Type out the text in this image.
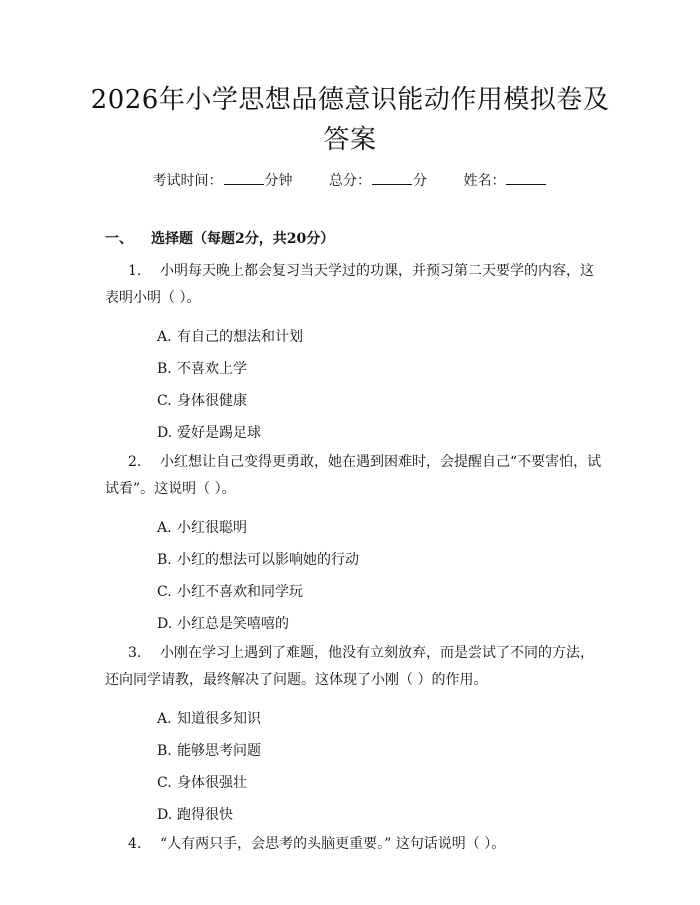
2026年小学思想品德意识能动作用模拟卷及答案
考试时间：	分钟	总分：	分	姓名：
一、 选择题（每题2分，共20分）
1. 小明每天晚上都会复习当天学过的功课，并预习第二天要学的内容，这表明小明（ ）。
A. 有自己的想法和计划
B. 不喜欢上学
C. 身体很健康
D. 爱好是踢足球
2. 小红想让自己变得更勇敢，她在遇到困难时，会提醒自己“不要害怕，试试看”。这说明（ ）。
A. 小红很聪明
B. 小红的想法可以影响她的行动
C. 小红不喜欢和同学玩
D. 小红总是笑嘻嘻的
3. 小刚在学习上遇到了难题，他没有立刻放弃，而是尝试了不同的方法，还向同学请教，最终解决了问题。这体现了小刚（ ）的作用。
A. 知道很多知识
B. 能够思考问题
C. 身体很强壮
D. 跑得很快
4. “人有两只手，会思考的头脑更重要。” 这句话说明（ ）。
